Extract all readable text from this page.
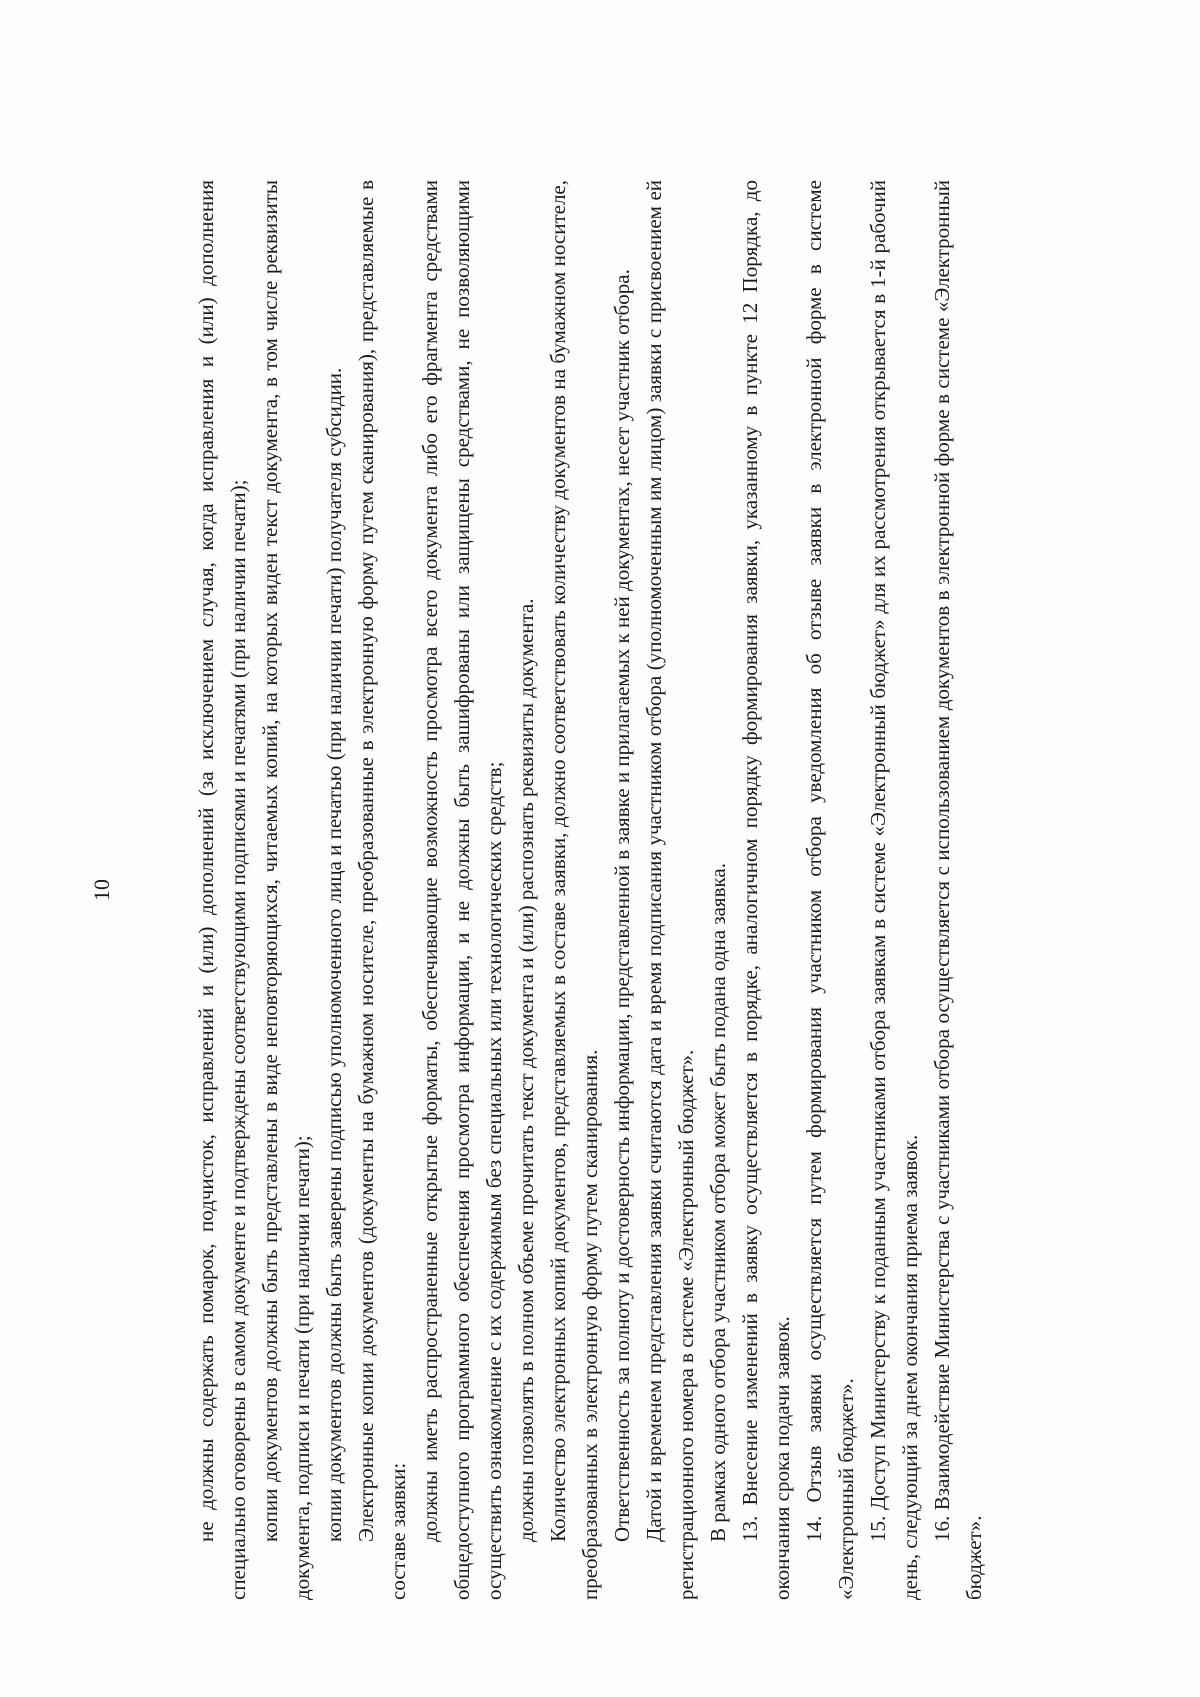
10	не должны содержать помарок, подчисток, исправлений и (или) дополнений (за исключением случая, когда исправления и (или) дополнения специально оговорены в самом документе и подтверждены соответствующими подписями и печатями (при наличии печати); копии документов должны быть представлены в виде неповторяющихся, читаемых копий, на которых виден текст документа, в том числе реквизиты документа, подписи и печати (при наличии печати); копии документов должны быть заверены подписью уполномоченного лица и печатью (при наличии печати) получателя субсидии. Электронные копии документов (документы на бумажном носителе, преобразованные в электронную форму путем сканирования), представляемые в составе заявки: должны иметь распространенные открытые форматы, обеспечивающие возможность просмотра всего документа либо его фрагмента средствами общедоступного программного обеспечения просмотра информации, и не должны быть зашифрованы или защищены средствами, не позволяющими осуществить ознакомление с их содержимым без специальных или технологических средств; должны позволять в полном объеме прочитать текст документа и (или) распознать реквизиты документа. Количество электронных копий документов, представляемых в составе заявки, должно соответствовать количеству документов на бумажном носителе, преобразованных в электронную форму путем сканирования. Ответственность за полноту и достоверность информации, представленной в заявке и прилагаемых к ней документах, несет участник отбора. Датой и временем представления заявки считаются дата и время подписания участником отбора (уполномоченным им лицом) заявки с присвоением ей регистрационного номера в системе «Электронный бюджет». В рамках одного отбора участником отбора может быть подана одна заявка. 13. Внесение изменений в заявку осуществляется в порядке, аналогичном порядку формирования заявки, указанному в пункте 12 Порядка, до окончания срока подачи заявок. 14. Отзыв заявки осуществляется путем формирования участником отбора уведомления об отзыве заявки в электронной форме в системе «Электронный бюджет». 15. Доступ Министерству к поданным участниками отбора заявкам в системе «Электронный бюджет» для их рассмотрения открывается в 1-й рабочий день, следующий за днем окончания приема заявок. 16. Взаимодействие Министерства с участниками отбора осуществляется с использованием документов в электронной форме в системе «Электронный бюджет».
